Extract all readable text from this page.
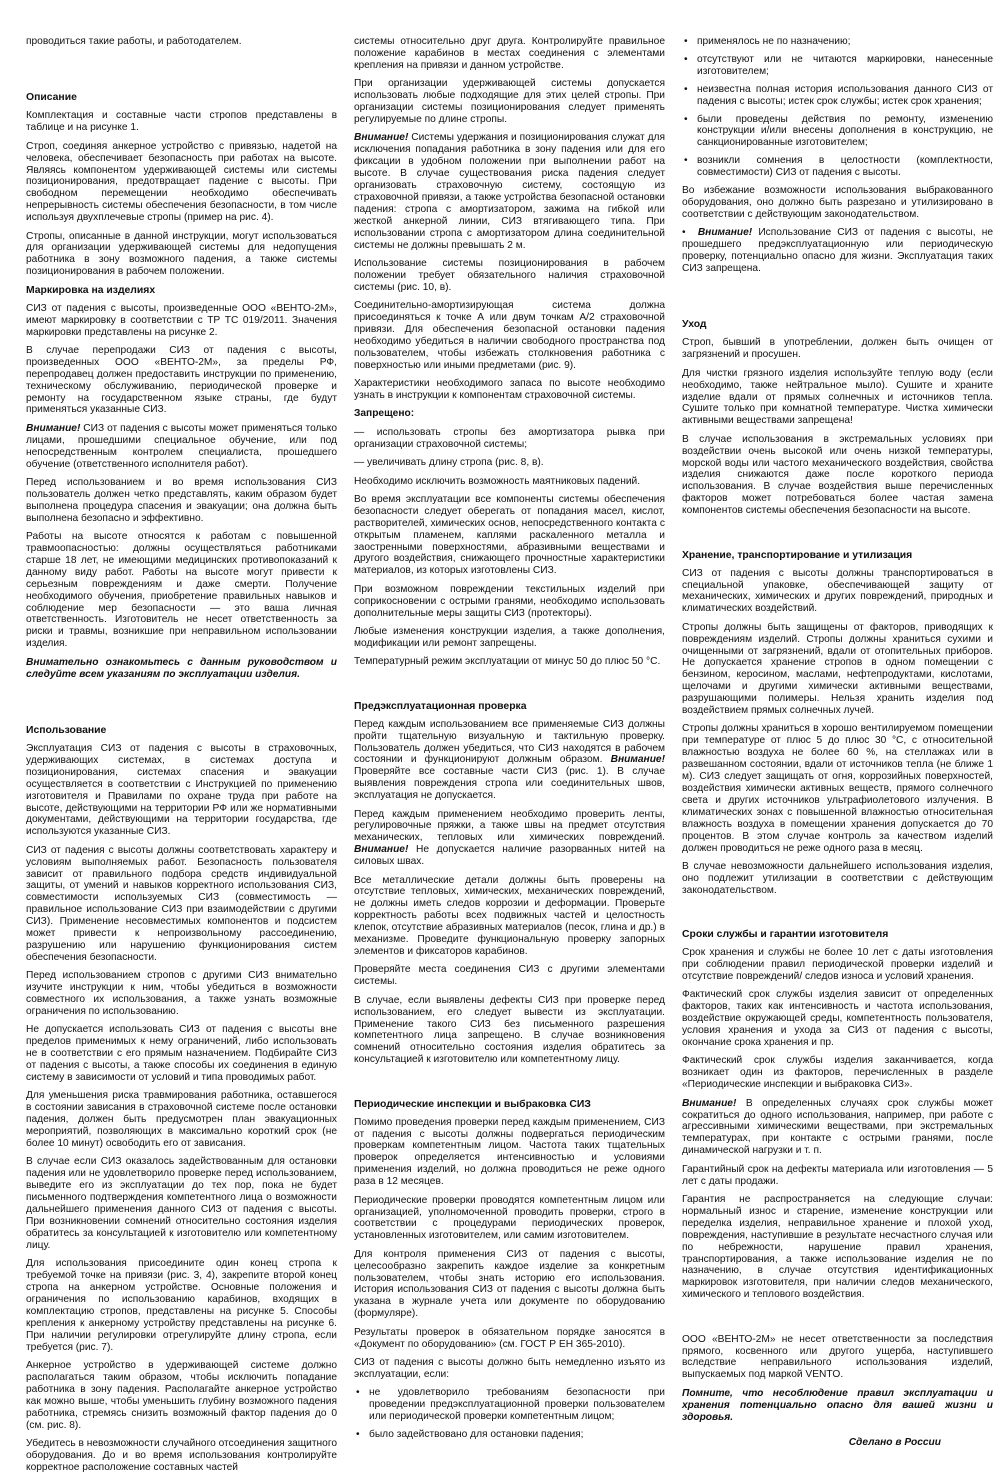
проводиться такие работы, и работодателем.

Описание

Комплектация и составные части стропов представлены в таблице и на рисунке 1.

Строп, соединяя анкерное устройство с привязью, надетой на человека, обеспечивает безопасность при работах на высоте. Являясь компонентом удерживающей системы или системы позиционирования, предотвращает падение с высоты. При свободном перемещении необходимо обеспечивать непрерывность системы обеспечения безопасности, в том числе используя двухплечевые стропы (пример на рис. 4).

Стропы, описанные в данной инструкции, могут использоваться для организации удерживающей системы для недопущения работника в зону возможного падения, а также системы позиционирования в рабочем положении.

Маркировка на изделиях

СИЗ от падения с высоты, произведенные ООО «ВЕНТО-2М», имеют маркировку в соответствии с ТР ТС 019/2011. Значения маркировки представлены на рисунке 2.

В случае перепродажи СИЗ от падения с высоты, произведенных ООО «ВЕНТО-2М», за пределы РФ, перепродавец должен предоставить инструкции по применению, техническому обслуживанию, периодической проверке и ремонту на государственном языке страны, где будут применяться указанные СИЗ.

Внимание! СИЗ от падения с высоты может применяться только лицами, прошедшими специальное обучение, или под непосредственным контролем специалиста, прошедшего обучение (ответственного исполнителя работ).

Перед использованием и во время использования СИЗ пользователь должен четко представлять, каким образом будет выполнена процедура спасения и эвакуации; она должна быть выполнена безопасно и эффективно.

Работы на высоте относятся к работам с повышенной травмоопасностью: должны осуществляться работниками старше 18 лет, не имеющими медицинских противопоказаний к данному виду работ. Работы на высоте могут привести к серьезным повреждениям и даже смерти. Получение необходимого обучения, приобретение правильных навыков и соблюдение мер безопасности — это ваша личная ответственность. Изготовитель не несет ответственность за риски и травмы, возникшие при неправильном использовании изделия.

Внимательно ознакомьтесь с данным руководством и следуйте всем указаниям по эксплуатации изделия.

Использование

Эксплуатация СИЗ от падения с высоты в страховочных, удерживающих системах, в системах доступа и позиционирования, системах спасения и эвакуации осуществляется в соответствии с Инструкцией по применению изготовителя и Правилами по охране труда при работе на высоте, действующими на территории РФ или же нормативными документами, действующими на территории государства, где используются указанные СИЗ.

СИЗ от падения с высоты должны соответствовать характеру и условиям выполняемых работ. Безопасность пользователя зависит от правильного подбора средств индивидуальной защиты, от умений и навыков корректного использования СИЗ, совместимости используемых СИЗ (совместимость — правильное использование СИЗ при взаимодействии с другими СИЗ). Применение несовместимых компонентов и подсистем может привести к непроизвольному рассоединению, разрушению или нарушению функционирования систем обеспечения безопасности.

Перед использованием стропов с другими СИЗ внимательно изучите инструкции к ним, чтобы убедиться в возможности совместного их использования, а также узнать возможные ограничения по использованию.

Не допускается использовать СИЗ от падения с высоты вне пределов применимых к нему ограничений, либо использовать не в соответствии с его прямым назначением. Подбирайте СИЗ от падения с высоты, а также способы их соединения в единую систему в зависимости от условий и типа проводимых работ.

Для уменьшения риска травмирования работника, оставшегося в состоянии зависания в страховочной системе после остановки падения, должен быть предусмотрен план эвакуационных мероприятий, позволяющих в максимально короткий срок (не более 10 минут) освободить его от зависания.

В случае если СИЗ оказалось задействованным для остановки падения или не удовлетворило проверке перед использованием, выведите его из эксплуатации до тех пор, пока не будет письменного подтверждения компетентного лица о возможности дальнейшего применения данного СИЗ от падения с высоты. При возникновении сомнений относительно состояния изделия обратитесь за консультацией к изготовителю или компетентному лицу.

Для использования присоедините один конец стропа к требуемой точке на привязи (рис. 3, 4), закрепите второй конец стропа на анкерном устройстве. Основные положения и ограничения по использованию карабинов, входящих в комплектацию стропов, представлены на рисунке 5. Способы крепления к анкерному устройству представлены на рисунке 6. При наличии регулировки отрегулируйте длину стропа, если требуется (рис. 7).

Анкерное устройство в удерживающей системе должно располагаться таким образом, чтобы исключить попадание работника в зону падения. Располагайте анкерное устройство как можно выше, чтобы уменьшить глубину возможного падения работника, стремясь снизить возможный фактор падения до 0 (см. рис. 8).

Убедитесь в невозможности случайного отсоединения защитного оборудования. До и во время использования контролируйте корректное расположение составных частей

системы относительно друг друга. Контролируйте правильное положение карабинов в местах соединения с элементами крепления на привязи и данном устройстве.

При организации удерживающей системы допускается использовать любые подходящие для этих целей стропы. При организации системы позиционирования следует применять регулируемые по длине стропы.

Внимание! Системы удержания и позиционирования служат для исключения попадания работника в зону падения или для его фиксации в удобном положении при выполнении работ на высоте. В случае существования риска падения следует организовать страховочную систему, состоящую из страховочной привязи, а также устройства безопасной остановки падения: стропа с амортизатором, зажима на гибкой или жесткой анкерной линии, СИЗ втягивающего типа. При использовании стропа с амортизатором длина соединительной системы не должны превышать 2 м.

Использование системы позиционирования в рабочем положении требует обязательного наличия страховочной системы (рис. 10, в).

Соединительно-амортизирующая система должна присоединяться к точке А или двум точкам А/2 страховочной привязи. Для обеспечения безопасной остановки падения необходимо убедиться в наличии свободного пространства под пользователем, чтобы избежать столкновения работника с поверхностью или иными предметами (рис. 9).

Характеристики необходимого запаса по высоте необходимо узнать в инструкции к компонентам страховочной системы.

Запрещено:

— использовать стропы без амортизатора рывка при организации страховочной системы;

— увеличивать длину стропа (рис. 8, в).

Необходимо исключить возможность маятниковых падений.

Во время эксплуатации все компоненты системы обеспечения безопасности следует оберегать от попадания масел, кислот, растворителей, химических основ, непосредственного контакта с открытым пламенем, каплями раскаленного металла и заостренными поверхностями, абразивными веществами и другого воздействия, снижающего прочностные характеристики материалов, из которых изготовлены СИЗ.

При возможном повреждении текстильных изделий при соприкосновении с острыми гранями, необходимо использовать дополнительные меры защиты СИЗ (протекторы).

Любые изменения конструкции изделия, а также дополнения, модификации или ремонт запрещены.

Температурный режим эксплуатации от минус 50 до плюс 50 °С.

Предэксплуатационная проверка

Перед каждым использованием все применяемые СИЗ должны пройти тщательную визуальную и тактильную проверку. Пользователь должен убедиться, что СИЗ находятся в рабочем состоянии и функционируют должным образом. Внимание! Проверяйте все составные части СИЗ (рис. 1). В случае выявления повреждения стропа или соединительных швов, эксплуатация не допускается.

Перед каждым применением необходимо проверить ленты, регулировочные пряжки, а также швы на предмет отсутствия механических, тепловых или химических повреждений. Внимание! Не допускается наличие разорванных нитей на силовых швах.

Все металлические детали должны быть проверены на отсутствие тепловых, химических, механических повреждений, не должны иметь следов коррозии и деформации. Проверьте корректность работы всех подвижных частей и целостность клепок, отсутствие абразивных материалов (песок, глина и др.) в механизме. Проведите функциональную проверку запорных элементов и фиксаторов карабинов.

Проверяйте места соединения СИЗ с другими элементами системы.

В случае, если выявлены дефекты СИЗ при проверке перед использованием, его следует вывести из эксплуатации. Применение такого СИЗ без письменного разрешения компетентного лица запрещено. В случае возникновения сомнений относительно состояния изделия обратитесь за консультацией к изготовителю или компетентному лицу.

Периодические инспекции и выбраковка СИЗ

Помимо проведения проверки перед каждым применением, СИЗ от падения с высоты должны подвергаться периодическим проверкам компетентным лицом. Частота таких тщательных проверок определяется интенсивностью и условиями применения изделий, но должна проводиться не реже одного раза в 12 месяцев.

Периодические проверки проводятся компетентным лицом или организацией, уполномоченной проводить проверки, строго в соответствии с процедурами периодических проверок, установленных изготовителем, или самим изготовителем.

Для контроля применения СИЗ от падения с высоты, целесообразно закрепить каждое изделие за конкретным пользователем, чтобы знать историю его использования. История использования СИЗ от падения с высоты должна быть указана в журнале учета или документе по оборудованию (формуляре).

Результаты проверок в обязательном порядке заносятся в «Документ по оборудованию» (см. ГОСТ Р ЕН 365-2010).

СИЗ от падения с высоты должно быть немедленно изъято из эксплуатации, если:

• не удовлетворило требованиям безопасности при проведении предэксплуатационной проверки пользователем или периодической проверки компетентным лицом;
• было задействовано для остановки падения;
• применялось не по назначению;
• отсутствуют или не читаются маркировки, нанесенные изготовителем;
• неизвестна полная история использования данного СИЗ от падения с высоты; истек срок службы; истек срок хранения;
• были проведены действия по ремонту, изменению конструкции и/или внесены дополнения в конструкцию, не санкционированные изготовителем;
• возникли сомнения в целостности (комплектности, совместимости) СИЗ от падения с высоты.

Во избежание возможности использования выбракованного оборудования, оно должно быть разрезано и утилизировано в соответствии с действующим законодательством.

• Внимание! Использование СИЗ от падения с высоты, не прошедшего предэксплуатационную или периодическую проверку, потенциально опасно для жизни. Эксплуатация таких СИЗ запрещена.

Уход

Строп, бывший в употреблении, должен быть очищен от загрязнений и просушен.

Для чистки грязного изделия используйте теплую воду (если необходимо, также нейтральное мыло). Сушите и храните изделие вдали от прямых солнечных и источников тепла. Сушите только при комнатной температуре. Чистка химически активными веществами запрещена!

В случае использования в экстремальных условиях при воздействии очень высокой или очень низкой температуры, морской воды или частого механического воздействия, свойства изделия снижаются даже после короткого периода использования. В случае воздействия выше перечисленных факторов может потребоваться более частая замена компонентов системы обеспечения безопасности на высоте.

Хранение, транспортирование и утилизация

СИЗ от падения с высоты должны транспортироваться в специальной упаковке, обеспечивающей защиту от механических, химических и других повреждений, природных и климатических воздействий.

Стропы должны быть защищены от факторов, приводящих к повреждениям изделий. Стропы должны храниться сухими и очищенными от загрязнений, вдали от отопительных приборов. Не допускается хранение стропов в одном помещении с бензином, керосином, маслами, нефтепродуктами, кислотами, щелочами и другими химически активными веществами, разрушающими полимеры. Нельзя хранить изделия под воздействием прямых солнечных лучей.

Стропы должны храниться в хорошо вентилируемом помещении при температуре от плюс 5 до плюс 30 °С, с относительной влажностью воздуха не более 60 %, на стеллажах или в развешанном состоянии, вдали от источников тепла (не ближе 1 м). СИЗ следует защищать от огня, коррозийных поверхностей, воздействия химически активных веществ, прямого солнечного света и других источников ультрафиолетового излучения. В климатических зонах с повышенной влажностью относительная влажность воздуха в помещении хранения допускается до 70 процентов. В этом случае контроль за качеством изделий должен проводиться не реже одного раза в месяц.

В случае невозможности дальнейшего использования изделия, оно подлежит утилизации в соответствии с действующим законодательством.

Сроки службы и гарантии изготовителя

Срок хранения и службы не более 10 лет с даты изготовления при соблюдении правил периодической проверки изделий и отсутствие повреждений/ следов износа и условий хранения.

Фактический срок службы изделия зависит от определенных факторов, таких как интенсивность и частота использования, воздействие окружающей среды, компетентность пользователя, условия хранения и ухода за СИЗ от падения с высоты, окончание срока хранения и пр.

Фактический срок службы изделия заканчивается, когда возникает один из факторов, перечисленных в разделе «Периодические инспекции и выбраковка СИЗ».

Внимание! В определенных случаях срок службы может сократиться до одного использования, например, при работе с агрессивными химическими веществами, при экстремальных температурах, при контакте с острыми гранями, после динамической нагрузки и т. п.

Гарантийный срок на дефекты материала или изготовления — 5 лет с даты продажи.

Гарантия не распространяется на следующие случаи: нормальный износ и старение, изменение конструкции или переделка изделия, неправильное хранение и плохой уход, повреждения, наступившие в результате несчастного случая или по небрежности, нарушение правил хранения, транспортирования, а также использование изделия не по назначению, в случае отсутствия идентификационных маркировок изготовителя, при наличии следов механического, химического и теплового воздействия.

ООО «ВЕНТО-2М» не несет ответственности за последствия прямого, косвенного или другого ущерба, наступившего вследствие неправильного использования изделий, выпускаемых под маркой VENTO.

Помните, что несоблюдение правил эксплуатации и хранения потенциально опасно для вашей жизни и здоровья.

Сделано в России
